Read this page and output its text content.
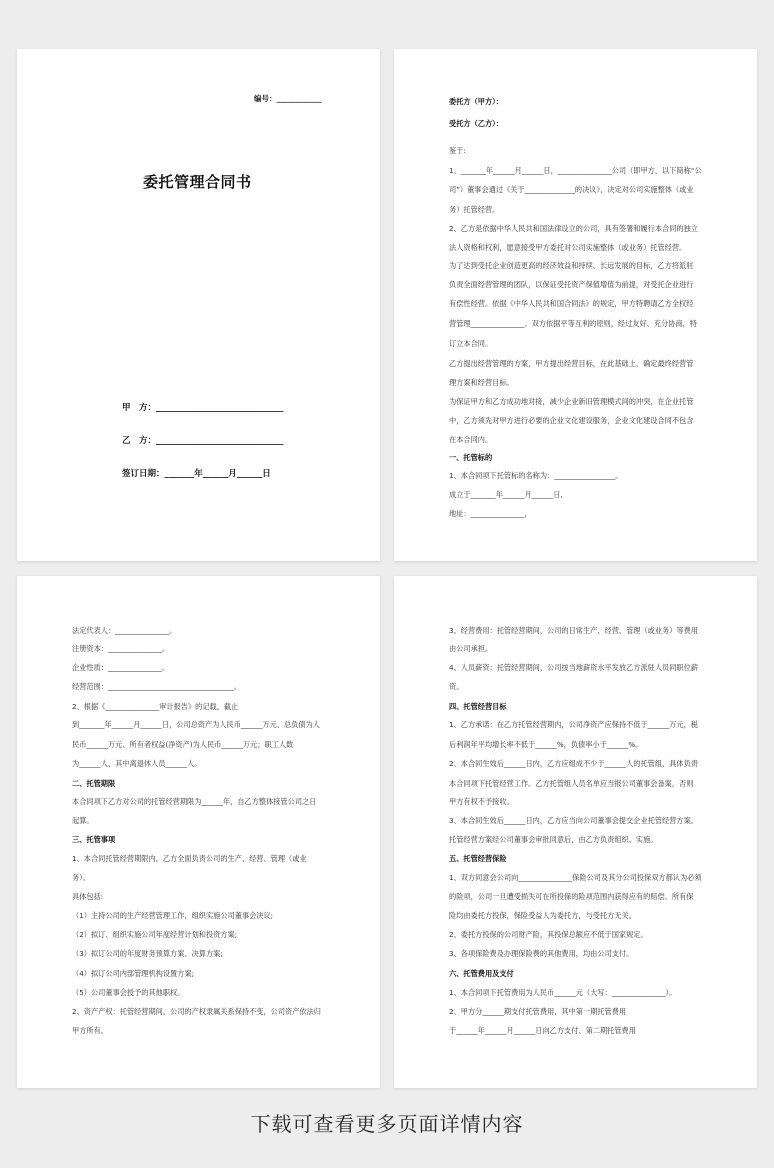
编号：____________
委托管理合同书
甲　方：______________________________
乙　方：______________________________
签订日期：_______年______月______日
委托方（甲方）：
受托方（乙方）：
鉴于:
1、_______年______月______日，_______________公司（即甲方，以下简称“公
司”）董事会通过《关于______________的决议》，决定对公司实施整体（或业
务）托管经营。
2、乙方是依据中华人民共和国法律设立的公司，具有签署和履行本合同的独立
法人资格和权利，愿意接受甲方委托对公司实施整体（或业务）托管经营。
为了达到受托企业创造更高的经济效益和持续、长远发展的目标，乙方将派驻
负责全面经营管理的团队，以保证受托资产保值增值为前提，对受托企业进行
有偿性经营。依据《中华人民共和国合同法》的规定，甲方特聘请乙方全权经
营管理_______________。双方依据平等互利的原则，经过友好、充分协商，特
订立本合同。
乙方提出经营管理的方案，甲方提出经营目标，在此基础上，确定最终经营管
理方案和经营目标。
为保证甲方和乙方成功地对接，减少企业新旧管理模式间的冲突，在企业托管
中，乙方须先对甲方进行必要的企业文化建设服务，企业文化建设合同不包含
在本合同内。
一、托管标的
1、本合同项下托管标的名称为：_________________。
成立于_______年______月______日,
地址：_______________，
法定代表人：_______________。
注册资本：_______________。
企业性质：_______________。
经营范围：___________________________________。
2、根据《_______________审计报告》的记载，截止
到_______年______月______日，公司总资产为人民币______万元、总负债为人
民币______万元、所有者权益(净资产)为人民币______万元；职工人数
为______人，其中离退休人员______人。
二、托管期限
本合同项下乙方对公司的托管经营期限为______年，自乙方整体接管公司之日
起算。
三、托管事项
1、本合同托管经营期限内，乙方全面负责公司的生产、经营、管理（或业
务）。
具体包括:
（1）主持公司的生产经营管理工作，组织实施公司董事会决议;
（2）拟订、组织实施公司年度经营计划和投资方案;
（3）拟订公司的年度财务预算方案、决算方案;
（4）拟订公司内部管理机构设置方案;
（5）公司董事会授予的其他职权。
2、资产产权：托管经营期间，公司的产权隶属关系保持不变，公司资产依法归
甲方所有。
3、经营费用：托管经营期间，公司的日常生产、经营、管理（或业务）等费用
由公司承担。
4、人员薪资：托管经营期间，公司按当地薪资水平发放乙方派驻人员同职位薪
资。
四、托管经营目标
1、乙方承诺：在乙方托管经营期内，公司净资产应保持不低于______万元，税
后利润年平均增长率不低于______%，负债率小于______%。
2、本合同生效后______日内，乙方应组成不少于______人的托管组，具体负责
本合同项下托管经营工作。乙方托管组人员名单应当报公司董事会备案，否则
甲方有权不予接收。
3、本合同生效后______日内，乙方应当向公司董事会提交企业托管经营方案。
托管经营方案经公司董事会审批同意后，由乙方负责组织、实施。
五、托管经营保险
1、双方同意会公司向_______________保险公司及其分公司投保双方都认为必须
的险项，公司一旦遭受损失可在所投保的险项范围内获得应有的赔偿。所有保
险均由委托方投保，保险受益人为委托方，与受托方无关。
2、委托方投保的公司财产险，其投保总额应不低于国家规定。
3、各项保险费及办理保险费的其他费用，均由公司支付。
六、托管费用及支付
1、本合同项下托管费用为人民币______元（大写：_______________）。
2、甲方分______期支付托管费用，其中第一期托管费用
于______年______月______日向乙方支付、第二期托管费用
下载可查看更多页面详情内容
